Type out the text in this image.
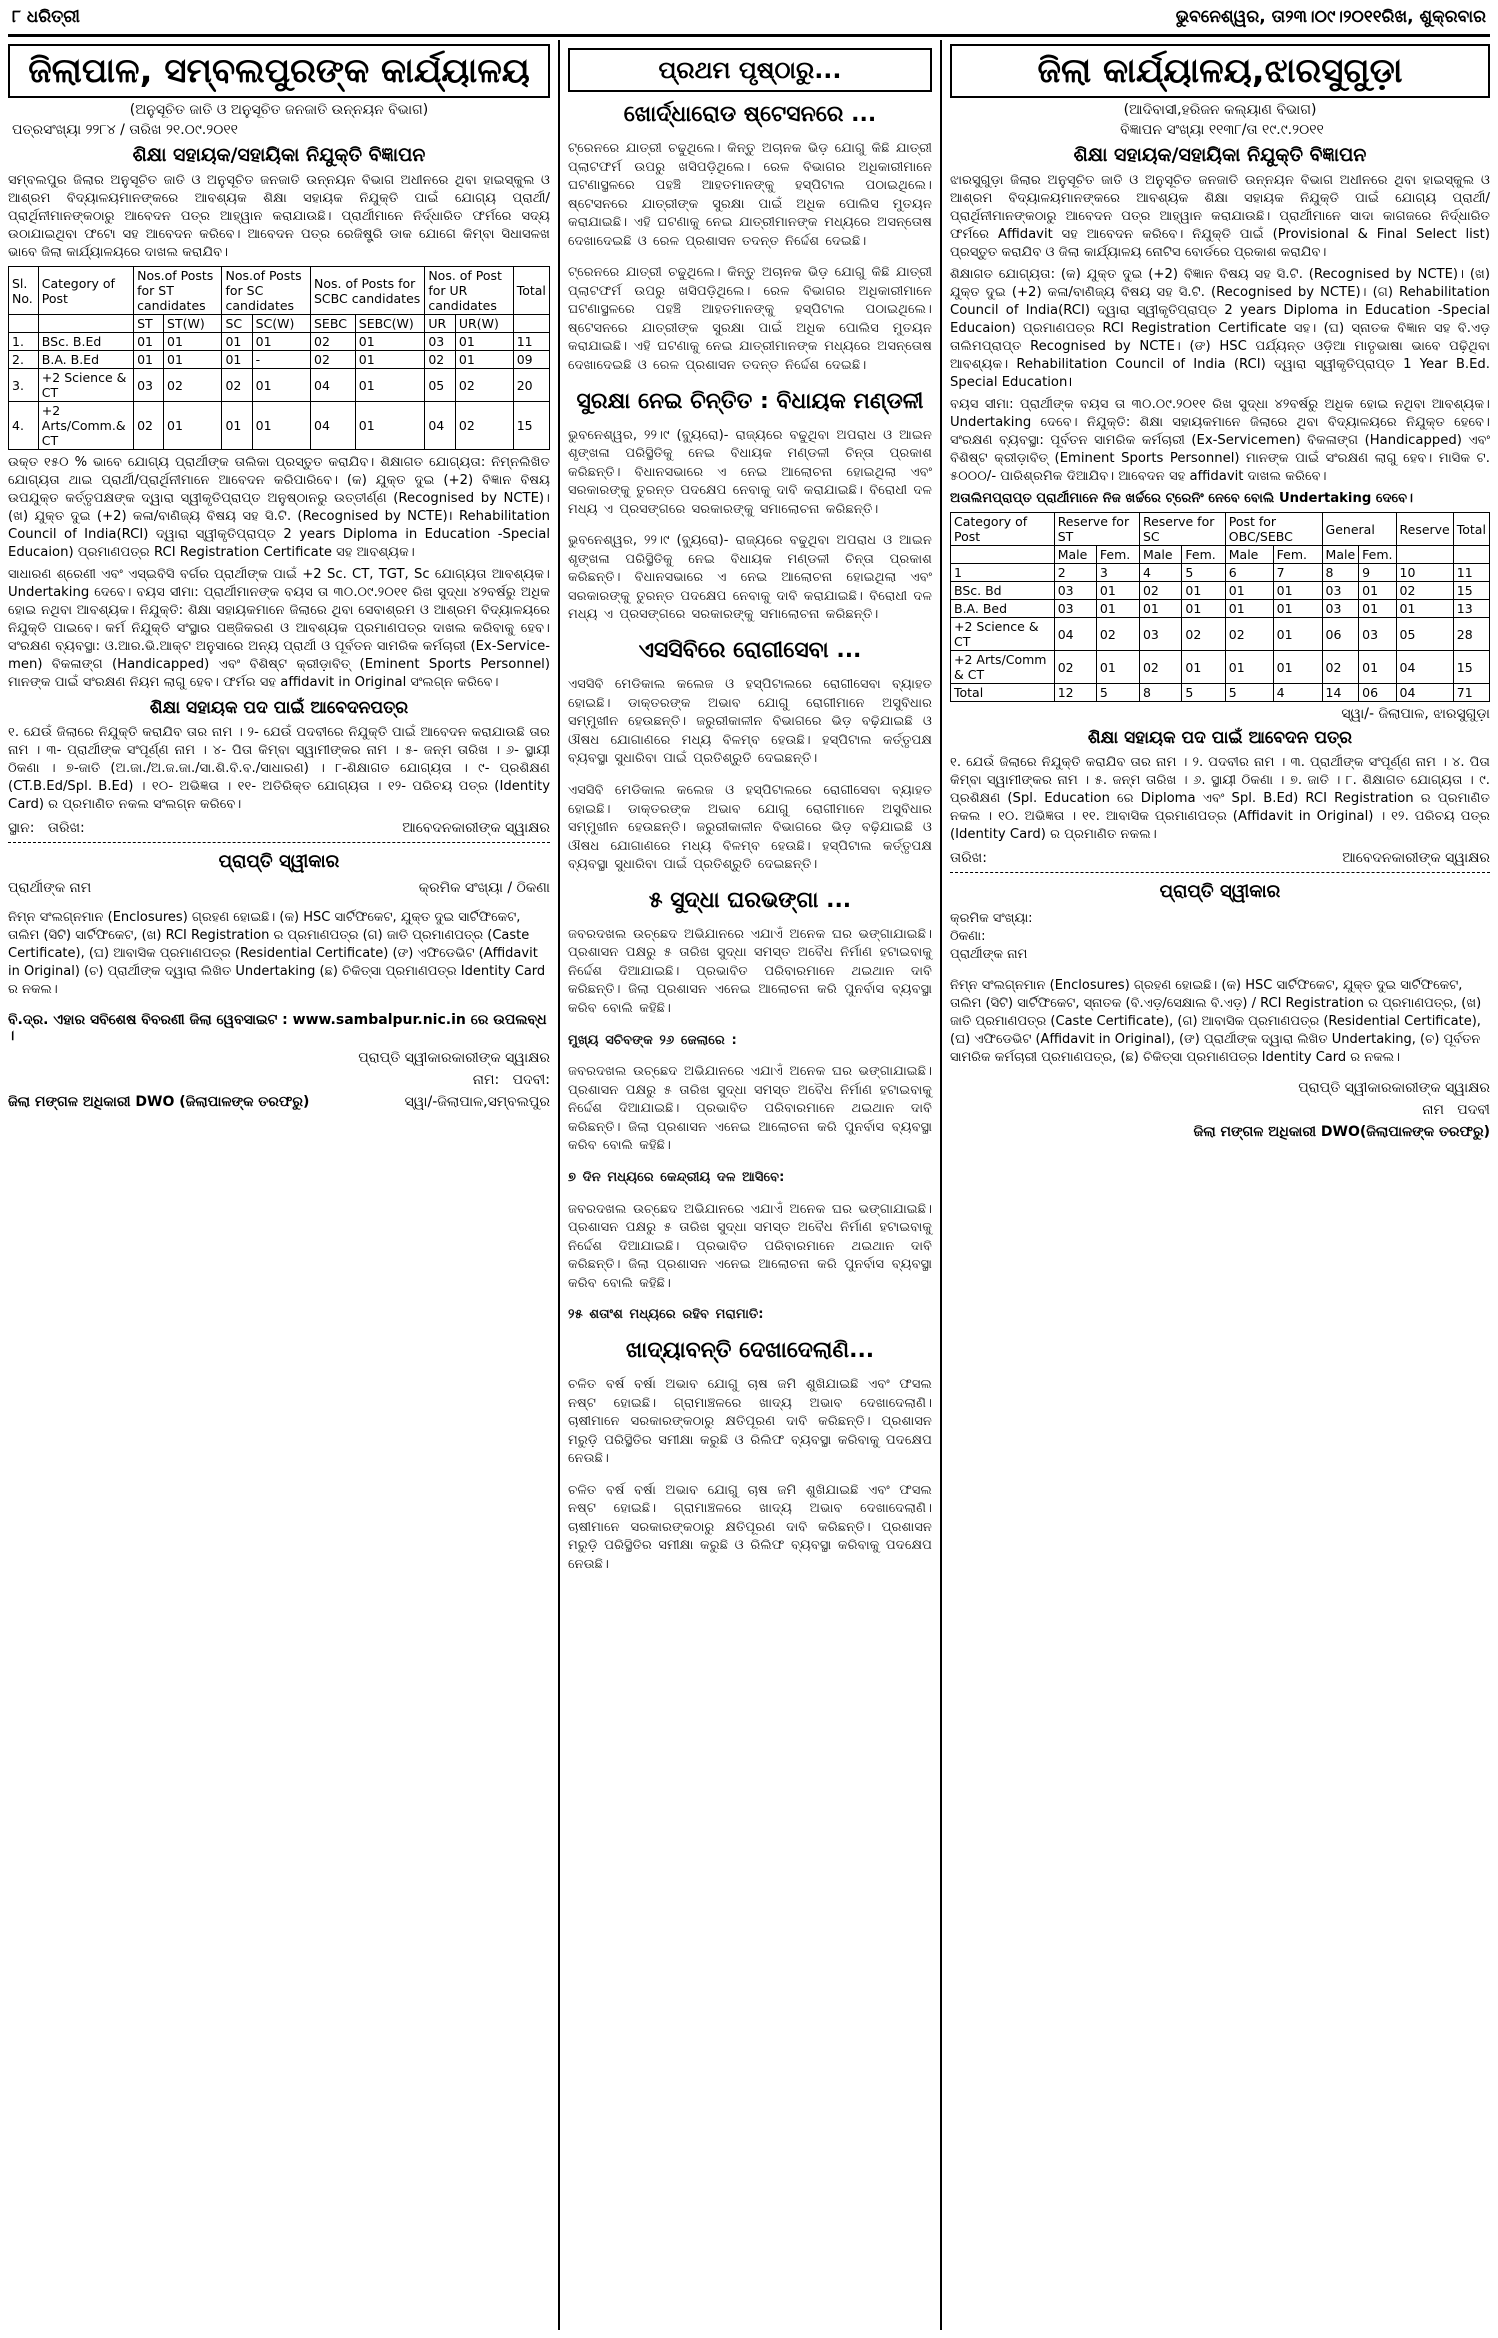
୮ ଧରିତ୍ରୀ	ଭୁବନେଶ୍ୱର, ତା୨୩।୦୯।୨୦୧୧ରିଖ, ଶୁକ୍ରବାର
ଜିଲାପାଳ, ସମ୍ବଲପୁରଙ୍କ କାର୍ଯ୍ୟାଳୟ
(ଅନୁସୂଚିତ ଜାତି ଓ ଅନୁସୂଚିତ ଜନଜାତି ଉନ୍ନୟନ ବିଭାଗ)
ପତ୍ରସଂଖ୍ୟା ୨୨୮୪ / ତାରିଖ ୨୧.୦୯.୨୦୧୧
ଶିକ୍ଷା ସହାୟକ/ସହାୟିକା ନିଯୁକ୍ତି ବିଜ୍ଞାପନ

ସମ୍ବଲପୁର ଜିଲାର ଅନୁସୂଚିତ ଜାତି ଓ ଅନୁସୂଚିତ ଜନଜାତି ଉନ୍ନୟନ ବିଭାଗ ଅଧୀନରେ ଥିବା ହାଇସ୍କୁଲ ଓ ଆଶ୍ରମ ବିଦ୍ୟାଳୟମାନଙ୍କରେ ଆବଶ୍ୟକ ଶିକ୍ଷା ସହାୟକ ନିଯୁକ୍ତି ପାଇଁ ଯୋଗ୍ୟ ପ୍ରାର୍ଥୀ/ପ୍ରାର୍ଥିନୀମାନଙ୍କଠାରୁ ଆବେଦନ ପତ୍ର ଆହ୍ୱାନ କରାଯାଉଛି। ପ୍ରାର୍ଥୀମାନେ ନିର୍ଦ୍ଧାରିତ ଫର୍ମରେ ସଦ୍ୟ ଉଠାଯାଇଥିବା ଫଟୋ ସହ ଆବେଦନ କରିବେ। ଆବେଦନ ପତ୍ର ରେଜିଷ୍ଟ୍ରି ଡାକ ଯୋଗେ କିମ୍ବା ସିଧାସଳଖ ଭାବେ ଜିଲା କାର୍ଯ୍ୟାଳୟରେ ଦାଖଲ କରାଯିବ।

Sl. No.	Category of Post	Nos.of Posts for ST candidates		Nos.of Posts for SC candidates		Nos. of Posts for SCBC candidates		Nos. of Post for UR candidates		Total
		ST	ST(W)	SC	SC(W)	SEBC	SEBC(W)	UR	UR(W)	
1.	BSc. B.Ed	01	01	01	01	02	01	03	01	11
2.	B.A. B.Ed	01	01	01	-	02	01	02	01	09
3.	+2 Science & CT	03	02	02	01	04	01	05	02	20
4.	+2 Arts/Comm.& CT	02	01	01	01	04	01	04	02	15

ଉକ୍ତ ୧୫୦ % ଭାବେ ଯୋଗ୍ୟ ପ୍ରାର୍ଥୀଙ୍କ ତାଲିକା ପ୍ରସ୍ତୁତ କରାଯିବ। ଶିକ୍ଷାଗତ ଯୋଗ୍ୟତା: ନିମ୍ନଲିଖିତ ଯୋଗ୍ୟତା ଥାଇ ପ୍ରାର୍ଥୀ/ପ୍ରାର୍ଥିନୀମାନେ ଆବେଦନ କରିପାରିବେ। (କ) ଯୁକ୍ତ ଦୁଇ (+2) ବିଜ୍ଞାନ ବିଷୟ ଉପଯୁକ୍ତ କର୍ତ୍ତୃପକ୍ଷଙ୍କ ଦ୍ୱାରା ସ୍ୱୀକୃତିପ୍ରାପ୍ତ ଅନୁଷ୍ଠାନରୁ ଉତ୍ତୀର୍ଣ୍ଣ (Recognised by NCTE)। (ଖ) ଯୁକ୍ତ ଦୁଇ (+2) କଳା/ବାଣିଜ୍ୟ ବିଷୟ ସହ ସି.ଟି. (Recognised by NCTE)। Rehabilitation Council of India(RCI) ଦ୍ୱାରା ସ୍ୱୀକୃତିପ୍ରାପ୍ତ 2 years Diploma in Education -Special Educaion) ପ୍ରମାଣପତ୍ର RCI Registration Certificate ସହ ଆବଶ୍ୟକ।

ସାଧାରଣ ଶ୍ରେଣୀ ଏବଂ ଏସ୍ଇବିସି ବର୍ଗର ପ୍ରାର୍ଥୀଙ୍କ ପାଇଁ +2 Sc. CT, TGT, Sc ଯୋଗ୍ୟତା ଆବଶ୍ୟକ। Undertaking ଦେବେ। ବୟସ ସୀମା: ପ୍ରାର୍ଥୀମାନଙ୍କ ବୟସ ତା ୩୦.୦୯.୨୦୧୧ ରିଖ ସୁଦ୍ଧା ୪୨ବର୍ଷରୁ ଅଧିକ ହୋଇ ନଥିବା ଆବଶ୍ୟକ। ନିଯୁକ୍ତି: ଶିକ୍ଷା ସହାୟକମାନେ ଜିଲାରେ ଥିବା ସେବାଶ୍ରମ ଓ ଆଶ୍ରମ ବିଦ୍ୟାଳୟରେ ନିଯୁକ୍ତି ପାଇବେ। କର୍ମ ନିଯୁକ୍ତି ସଂସ୍ଥାର ପଞ୍ଜିକରଣ ଓ ଆବଶ୍ୟକ ପ୍ରମାଣପତ୍ର ଦାଖଲ କରିବାକୁ ହେବ। ସଂରକ୍ଷଣ ବ୍ୟବସ୍ଥା: ଓ.ଆର.ଭି.ଆକ୍ଟ ଅନୁସାରେ ଅନ୍ୟ ପ୍ରାର୍ଥୀ ଓ ପୂର୍ବତନ ସାମରିକ କର୍ମଚାରୀ (Ex-Service-men) ବିକଳାଙ୍ଗ (Handicapped) ଏବଂ ବିଶିଷ୍ଟ କ୍ରୀଡ଼ାବିତ୍ (Eminent Sports Personnel) ମାନଙ୍କ ପାଇଁ ସଂରକ୍ଷଣ ନିୟମ ଲାଗୁ ହେବ। ଫର୍ମର ସହ affidavit in Original ସଂଲଗ୍ନ କରିବେ।

ଶିକ୍ଷା ସହାୟକ ପଦ ପାଇଁ ଆବେଦନପତ୍ର

୧. ଯେଉଁ ଜିଲାରେ ନିଯୁକ୍ତି କରାଯିବ ତାର ନାମ । ୨- ଯେଉଁ ପଦବୀରେ ନିଯୁକ୍ତି ପାଇଁ ଆବେଦନ କରାଯାଉଛି ତାର ନାମ । ୩- ପ୍ରାର୍ଥୀଙ୍କ ସଂପୂର୍ଣ୍ଣ ନାମ । ୪- ପିତା କିମ୍ବା ସ୍ୱାମୀଙ୍କର ନାମ । ୫- ଜନ୍ମ ତାରିଖ । ୬- ସ୍ଥାୟୀ ଠିକଣା । ୭-ଜାତି (ଅ.ଜା./ଅ.ଜ.ଜା./ସା.ଶି.ବି.ବ./ସାଧାରଣ) । ୮-ଶିକ୍ଷାଗତ ଯୋଗ୍ୟତା । ୯- ପ୍ରଶିକ୍ଷଣ (CT.B.Ed/Spl. B.Ed) । ୧୦- ଅଭିଜ୍ଞତା । ୧୧- ଅତିରିକ୍ତ ଯୋଗ୍ୟତା । ୧୨- ପରିଚୟ ପତ୍ର (Identity Card) ର ପ୍ରମାଣିତ ନକଲ ସଂଲଗ୍ନ କରିବେ।

ସ୍ଥାନ: ତାରିଖ:	ଆବେଦନକାରୀଙ୍କ ସ୍ୱାକ୍ଷର
ପ୍ରାପ୍ତି ସ୍ୱୀକାର
ପ୍ରାର୍ଥୀଙ୍କ ନାମ	କ୍ରମିକ ସଂଖ୍ୟା / ଠିକଣା

ନିମ୍ନ ସଂଲଗ୍ନମାନ (Enclosures) ଗ୍ରହଣ ହୋଇଛି। (କ) HSC ସାର୍ଟିଫିକେଟ, ଯୁକ୍ତ ଦୁଇ ସାର୍ଟିଫିକେଟ, ତାଲିମ (ସିଟି) ସାର୍ଟିଫିକେଟ, (ଖ) RCI Registration ର ପ୍ରମାଣପତ୍ର (ଗ) ଜାତି ପ୍ରମାଣପତ୍ର (Caste Certificate), (ଘ) ଆବାସିକ ପ୍ରମାଣପତ୍ର (Residential Certificate) (ଙ) ଏଫିଡେଭିଟ (Affidavit in Original) (ଚ) ପ୍ରାର୍ଥୀଙ୍କ ଦ୍ୱାରା ଲିଖିତ Undertaking (ଛ) ଚିକିତ୍ସା ପ୍ରମାଣପତ୍ର Identity Card ର ନକଲ।

ବି.ଦ୍ର. ଏହାର ସବିଶେଷ ବିବରଣୀ ଜିଲା ୱେବସାଇଟ : www.sambalpur.nic.in ରେ ଉପଲବ୍ଧ ।
ପ୍ରାପ୍ତି ସ୍ୱୀକାରକାରୀଙ୍କ ସ୍ୱାକ୍ଷର
ନାମ: ପଦବୀ:
ଜିଲା ମଙ୍ଗଳ ଅଧିକାରୀ DWO (ଜିଲାପାଳଙ୍କ ତରଫରୁ)	ସ୍ୱା/-ଜିଲାପାଳ,ସମ୍ବଲପୁର
ପ୍ରଥମ ପୃଷ୍ଠାରୁ...
ଖୋର୍ଦ୍ଧାରୋଡ ଷ୍ଟେସନରେ ...

ଟ୍ରେନରେ ଯାତ୍ରୀ ଚଢୁଥିଲେ। କିନ୍ତୁ ଅଚାନକ ଭିଡ଼ ଯୋଗୁ କିଛି ଯାତ୍ରୀ ପ୍ଲାଟଫର୍ମ ଉପରୁ ଖସିପଡ଼ିଥିଲେ। ରେଳ ବିଭାଗର ଅଧିକାରୀମାନେ ଘଟଣାସ୍ଥଳରେ ପହଞ୍ଚି ଆହତମାନଙ୍କୁ ହସ୍ପିଟାଲ ପଠାଇଥିଲେ। ଷ୍ଟେସନରେ ଯାତ୍ରୀଙ୍କ ସୁରକ୍ଷା ପାଇଁ ଅଧିକ ପୋଲିସ ମୁତୟନ କରାଯାଇଛି। ଏହି ଘଟଣାକୁ ନେଇ ଯାତ୍ରୀମାନଙ୍କ ମଧ୍ୟରେ ଅସନ୍ତୋଷ ଦେଖାଦେଇଛି ଓ ରେଳ ପ୍ରଶାସନ ତଦନ୍ତ ନିର୍ଦ୍ଦେଶ ଦେଇଛି।

ଟ୍ରେନରେ ଯାତ୍ରୀ ଚଢୁଥିଲେ। କିନ୍ତୁ ଅଚାନକ ଭିଡ଼ ଯୋଗୁ କିଛି ଯାତ୍ରୀ ପ୍ଲାଟଫର୍ମ ଉପରୁ ଖସିପଡ଼ିଥିଲେ। ରେଳ ବିଭାଗର ଅଧିକାରୀମାନେ ଘଟଣାସ୍ଥଳରେ ପହଞ୍ଚି ଆହତମାନଙ୍କୁ ହସ୍ପିଟାଲ ପଠାଇଥିଲେ। ଷ୍ଟେସନରେ ଯାତ୍ରୀଙ୍କ ସୁରକ୍ଷା ପାଇଁ ଅଧିକ ପୋଲିସ ମୁତୟନ କରାଯାଇଛି। ଏହି ଘଟଣାକୁ ନେଇ ଯାତ୍ରୀମାନଙ୍କ ମଧ୍ୟରେ ଅସନ୍ତୋଷ ଦେଖାଦେଇଛି ଓ ରେଳ ପ୍ରଶାସନ ତଦନ୍ତ ନିର୍ଦ୍ଦେଶ ଦେଇଛି।

ସୁରକ୍ଷା ନେଇ ଚିନ୍ତିତ : ବିଧାୟକ ମଣ୍ଡଳୀ

ଭୁବନେଶ୍ୱର, ୨୨।୯ (ବ୍ୟୁରୋ)- ରାଜ୍ୟରେ ବଢୁଥିବା ଅପରାଧ ଓ ଆଇନ ଶୃଙ୍ଖଳା ପରିସ୍ଥିତିକୁ ନେଇ ବିଧାୟକ ମଣ୍ଡଳୀ ଚିନ୍ତା ପ୍ରକାଶ କରିଛନ୍ତି। ବିଧାନସଭାରେ ଏ ନେଇ ଆଲୋଚନା ହୋଇଥିଲା ଏବଂ ସରକାରଙ୍କୁ ତୁରନ୍ତ ପଦକ୍ଷେପ ନେବାକୁ ଦାବି କରାଯାଇଛି। ବିରୋଧୀ ଦଳ ମଧ୍ୟ ଏ ପ୍ରସଙ୍ଗରେ ସରକାରଙ୍କୁ ସମାଲୋଚନା କରିଛନ୍ତି।

ଭୁବନେଶ୍ୱର, ୨୨।୯ (ବ୍ୟୁରୋ)- ରାଜ୍ୟରେ ବଢୁଥିବା ଅପରାଧ ଓ ଆଇନ ଶୃଙ୍ଖଳା ପରିସ୍ଥିତିକୁ ନେଇ ବିଧାୟକ ମଣ୍ଡଳୀ ଚିନ୍ତା ପ୍ରକାଶ କରିଛନ୍ତି। ବିଧାନସଭାରେ ଏ ନେଇ ଆଲୋଚନା ହୋଇଥିଲା ଏବଂ ସରକାରଙ୍କୁ ତୁରନ୍ତ ପଦକ୍ଷେପ ନେବାକୁ ଦାବି କରାଯାଇଛି। ବିରୋଧୀ ଦଳ ମଧ୍ୟ ଏ ପ୍ରସଙ୍ଗରେ ସରକାରଙ୍କୁ ସମାଲୋଚନା କରିଛନ୍ତି।

ଏସସିବିରେ ରୋଗୀସେବା ...

ଏସସିବି ମେଡିକାଲ କଲେଜ ଓ ହସ୍ପିଟାଲରେ ରୋଗୀସେବା ବ୍ୟାହତ ହୋଇଛି। ଡାକ୍ତରଙ୍କ ଅଭାବ ଯୋଗୁ ରୋଗୀମାନେ ଅସୁବିଧାର ସମ୍ମୁଖୀନ ହେଉଛନ୍ତି। ଜରୁରୀକାଳୀନ ବିଭାଗରେ ଭିଡ଼ ବଢ଼ିଯାଇଛି ଓ ଔଷଧ ଯୋଗାଣରେ ମଧ୍ୟ ବିଳମ୍ବ ହେଉଛି। ହସ୍ପିଟାଲ କର୍ତ୍ତୃପକ୍ଷ ବ୍ୟବସ୍ଥା ସୁଧାରିବା ପାଇଁ ପ୍ରତିଶ୍ରୁତି ଦେଇଛନ୍ତି।

ଏସସିବି ମେଡିକାଲ କଲେଜ ଓ ହସ୍ପିଟାଲରେ ରୋଗୀସେବା ବ୍ୟାହତ ହୋଇଛି। ଡାକ୍ତରଙ୍କ ଅଭାବ ଯୋଗୁ ରୋଗୀମାନେ ଅସୁବିଧାର ସମ୍ମୁଖୀନ ହେଉଛନ୍ତି। ଜରୁରୀକାଳୀନ ବିଭାଗରେ ଭିଡ଼ ବଢ଼ିଯାଇଛି ଓ ଔଷଧ ଯୋଗାଣରେ ମଧ୍ୟ ବିଳମ୍ବ ହେଉଛି। ହସ୍ପିଟାଲ କର୍ତ୍ତୃପକ୍ଷ ବ୍ୟବସ୍ଥା ସୁଧାରିବା ପାଇଁ ପ୍ରତିଶ୍ରୁତି ଦେଇଛନ୍ତି।

୫ ସୁଦ୍ଧା ଘରଭଙ୍ଗା ...

ଜବରଦଖଲ ଉଚ୍ଛେଦ ଅଭିଯାନରେ ଏଯାଏଁ ଅନେକ ଘର ଭଙ୍ଗାଯାଇଛି। ପ୍ରଶାସନ ପକ୍ଷରୁ ୫ ତାରିଖ ସୁଦ୍ଧା ସମସ୍ତ ଅବୈଧ ନିର୍ମାଣ ହଟାଇବାକୁ ନିର୍ଦ୍ଦେଶ ଦିଆଯାଇଛି। ପ୍ରଭାବିତ ପରିବାରମାନେ ଥଇଥାନ ଦାବି କରିଛନ୍ତି। ଜିଲା ପ୍ରଶାସନ ଏନେଇ ଆଲୋଚନା କରି ପୁନର୍ବାସ ବ୍ୟବସ୍ଥା କରିବ ବୋଲି କହିଛି।

ମୁଖ୍ୟ ସଚିବଙ୍କ ୨୬ ଜେଲାରେ :

ଜବରଦଖଲ ଉଚ୍ଛେଦ ଅଭିଯାନରେ ଏଯାଏଁ ଅନେକ ଘର ଭଙ୍ଗାଯାଇଛି। ପ୍ରଶାସନ ପକ୍ଷରୁ ୫ ତାରିଖ ସୁଦ୍ଧା ସମସ୍ତ ଅବୈଧ ନିର୍ମାଣ ହଟାଇବାକୁ ନିର୍ଦ୍ଦେଶ ଦିଆଯାଇଛି। ପ୍ରଭାବିତ ପରିବାରମାନେ ଥଇଥାନ ଦାବି କରିଛନ୍ତି। ଜିଲା ପ୍ରଶାସନ ଏନେଇ ଆଲୋଚନା କରି ପୁନର୍ବାସ ବ୍ୟବସ୍ଥା କରିବ ବୋଲି କହିଛି।

୭ ଦିନ ମଧ୍ୟରେ କେନ୍ଦ୍ରୀୟ ଦଳ ଆସିବେ:

ଜବରଦଖଲ ଉଚ୍ଛେଦ ଅଭିଯାନରେ ଏଯାଏଁ ଅନେକ ଘର ଭଙ୍ଗାଯାଇଛି। ପ୍ରଶାସନ ପକ୍ଷରୁ ୫ ତାରିଖ ସୁଦ୍ଧା ସମସ୍ତ ଅବୈଧ ନିର୍ମାଣ ହଟାଇବାକୁ ନିର୍ଦ୍ଦେଶ ଦିଆଯାଇଛି। ପ୍ରଭାବିତ ପରିବାରମାନେ ଥଇଥାନ ଦାବି କରିଛନ୍ତି। ଜିଲା ପ୍ରଶାସନ ଏନେଇ ଆଲୋଚନା କରି ପୁନର୍ବାସ ବ୍ୟବସ୍ଥା କରିବ ବୋଲି କହିଛି।

୨୫ ଶତାଂଶ ମଧ୍ୟରେ ରହିବ ମରାମାତି:

ଖାଦ୍ୟାବନ୍ତି ଦେଖାଦେଲାଣି...

ଚଳିତ ବର୍ଷ ବର୍ଷା ଅଭାବ ଯୋଗୁ ଚାଷ ଜମି ଶୁଖିଯାଇଛି ଏବଂ ଫସଲ ନଷ୍ଟ ହୋଇଛି। ଗ୍ରାମାଞ୍ଚଳରେ ଖାଦ୍ୟ ଅଭାବ ଦେଖାଦେଲାଣି। ଚାଷୀମାନେ ସରକାରଙ୍କଠାରୁ କ୍ଷତିପୂରଣ ଦାବି କରିଛନ୍ତି। ପ୍ରଶାସନ ମରୁଡ଼ି ପରିସ୍ଥିତିର ସମୀକ୍ଷା କରୁଛି ଓ ରିଲିଫ ବ୍ୟବସ୍ଥା କରିବାକୁ ପଦକ୍ଷେପ ନେଉଛି।

ଚଳିତ ବର୍ଷ ବର୍ଷା ଅଭାବ ଯୋଗୁ ଚାଷ ଜମି ଶୁଖିଯାଇଛି ଏବଂ ଫସଲ ନଷ୍ଟ ହୋଇଛି। ଗ୍ରାମାଞ୍ଚଳରେ ଖାଦ୍ୟ ଅଭାବ ଦେଖାଦେଲାଣି। ଚାଷୀମାନେ ସରକାରଙ୍କଠାରୁ କ୍ଷତିପୂରଣ ଦାବି କରିଛନ୍ତି। ପ୍ରଶାସନ ମରୁଡ଼ି ପରିସ୍ଥିତିର ସମୀକ୍ଷା କରୁଛି ଓ ରିଲିଫ ବ୍ୟବସ୍ଥା କରିବାକୁ ପଦକ୍ଷେପ ନେଉଛି।

ଜିଲା କାର୍ଯ୍ୟାଳୟ,ଝାରସୁଗୁଡ଼ା
(ଆଦିବାସୀ,ହରିଜନ କଲ୍ୟାଣ ବିଭାଗ)
ବିଜ୍ଞାପନ ସଂଖ୍ୟା ୧୧୩୮/ତା ୧୯.୯.୨୦୧୧
ଶିକ୍ଷା ସହାୟକ/ସହାୟିକା ନିଯୁକ୍ତି ବିଜ୍ଞାପନ

ଝାରସୁଗୁଡ଼ା ଜିଲାର ଅନୁସୂଚିତ ଜାତି ଓ ଅନୁସୂଚିତ ଜନଜାତି ଉନ୍ନୟନ ବିଭାଗ ଅଧୀନରେ ଥିବା ହାଇସ୍କୁଲ ଓ ଆଶ୍ରମ ବିଦ୍ୟାଳୟମାନଙ୍କରେ ଆବଶ୍ୟକ ଶିକ୍ଷା ସହାୟକ ନିଯୁକ୍ତି ପାଇଁ ଯୋଗ୍ୟ ପ୍ରାର୍ଥୀ/ପ୍ରାର୍ଥିନୀମାନଙ୍କଠାରୁ ଆବେଦନ ପତ୍ର ଆହ୍ୱାନ କରାଯାଉଛି। ପ୍ରାର୍ଥୀମାନେ ସାଦା କାଗଜରେ ନିର୍ଦ୍ଧାରିତ ଫର୍ମରେ Affidavit ସହ ଆବେଦନ କରିବେ। ନିଯୁକ୍ତି ପାଇଁ (Provisional & Final Select list) ପ୍ରସ୍ତୁତ କରାଯିବ ଓ ଜିଲା କାର୍ଯ୍ୟାଳୟ ନୋଟିସ ବୋର୍ଡରେ ପ୍ରକାଶ କରାଯିବ।

ଶିକ୍ଷାଗତ ଯୋଗ୍ୟତା: (କ) ଯୁକ୍ତ ଦୁଇ (+2) ବିଜ୍ଞାନ ବିଷୟ ସହ ସି.ଟି. (Recognised by NCTE)। (ଖ) ଯୁକ୍ତ ଦୁଇ (+2) କଳା/ବାଣିଜ୍ୟ ବିଷୟ ସହ ସି.ଟି. (Recognised by NCTE)। (ଗ) Rehabilitation Council of India(RCI) ଦ୍ୱାରା ସ୍ୱୀକୃତିପ୍ରାପ୍ତ 2 years Diploma in Education -Special Educaion) ପ୍ରମାଣପତ୍ର RCI Registration Certificate ସହ। (ଘ) ସ୍ନାତକ ବିଜ୍ଞାନ ସହ ବି.ଏଡ଼ ତାଲିମପ୍ରାପ୍ତ Recognised by NCTE। (ଙ) HSC ପର୍ଯ୍ୟନ୍ତ ଓଡ଼ିଆ ମାତୃଭାଷା ଭାବେ ପଢ଼ିଥିବା ଆବଶ୍ୟକ। Rehabilitation Council of India (RCI) ଦ୍ୱାରା ସ୍ୱୀକୃତିପ୍ରାପ୍ତ 1 Year B.Ed. Special Education।

ବୟସ ସୀମା: ପ୍ରାର୍ଥୀଙ୍କ ବୟସ ତା ୩୦.୦୯.୨୦୧୧ ରିଖ ସୁଦ୍ଧା ୪୨ବର୍ଷରୁ ଅଧିକ ହୋଇ ନଥିବା ଆବଶ୍ୟକ। Undertaking ଦେବେ। ନିଯୁକ୍ତି: ଶିକ୍ଷା ସହାୟକମାନେ ଜିଲାରେ ଥିବା ବିଦ୍ୟାଳୟରେ ନିଯୁକ୍ତ ହେବେ। ସଂରକ୍ଷଣ ବ୍ୟବସ୍ଥା: ପୂର୍ବତନ ସାମରିକ କର୍ମଚାରୀ (Ex-Servicemen) ବିକଳାଙ୍ଗ (Handicapped) ଏବଂ ବିଶିଷ୍ଟ କ୍ରୀଡ଼ାବିତ୍ (Eminent Sports Personnel) ମାନଙ୍କ ପାଇଁ ସଂରକ୍ଷଣ ଲାଗୁ ହେବ। ମାସିକ ଟ. ୫୦୦୦/- ପାରିଶ୍ରମିକ ଦିଆଯିବ। ଆବେଦନ ସହ affidavit ଦାଖଲ କରିବେ।

ଅତାଲିମପ୍ରାପ୍ତ ପ୍ରାର୍ଥୀମାନେ ନିଜ ଖର୍ଚ୍ଚରେ ଟ୍ରେନିଂ ନେବେ ବୋଲି Undertaking ଦେବେ।

Category of Post	Reserve for ST		Reserve for SC		Post for OBC/SEBC		General		Reserve	Total
	Male	Fem.	Male	Fem.	Male	Fem.	Male	Fem.		
1	2	3	4	5	6	7	8	9	10	11
BSc. Bd	03	01	02	01	01	01	03	01	02	15
B.A. Bed	03	01	01	01	01	01	03	01	01	13
+2 Science & CT	04	02	03	02	02	01	06	03	05	28
+2 Arts/Comm & CT	02	01	02	01	01	01	02	01	04	15
Total	12	5	8	5	5	4	14	06	04	71
ସ୍ୱା/- ଜିଲାପାଳ, ଝାରସୁଗୁଡ଼ା
ଶିକ୍ଷା ସହାୟକ ପଦ ପାଇଁ ଆବେଦନ ପତ୍ର

୧. ଯେଉଁ ଜିଲାରେ ନିଯୁକ୍ତି କରାଯିବ ତାର ନାମ । ୨. ପଦବୀର ନାମ । ୩. ପ୍ରାର୍ଥୀଙ୍କ ସଂପୂର୍ଣ୍ଣ ନାମ । ୪. ପିତା କିମ୍ବା ସ୍ୱାମୀଙ୍କର ନାମ । ୫. ଜନ୍ମ ତାରିଖ । ୬. ସ୍ଥାୟୀ ଠିକଣା । ୭. ଜାତି । ୮. ଶିକ୍ଷାଗତ ଯୋଗ୍ୟତା । ୯. ପ୍ରଶିକ୍ଷଣ (Spl. Education ରେ Diploma ଏବଂ Spl. B.Ed) RCI Registration ର ପ୍ରମାଣିତ ନକଲ । ୧୦. ଅଭିଜ୍ଞତା । ୧୧. ଆବାସିକ ପ୍ରମାଣପତ୍ର (Affidavit in Original) । ୧୨. ପରିଚୟ ପତ୍ର (Identity Card) ର ପ୍ରମାଣିତ ନକଲ।

ତାରିଖ:	ଆବେଦନକାରୀଙ୍କ ସ୍ୱାକ୍ଷର
ପ୍ରାପ୍ତି ସ୍ୱୀକାର
କ୍ରମିକ ସଂଖ୍ୟା:
ଠିକଣା:
ପ୍ରାର୍ଥୀଙ୍କ ନାମ

ନିମ୍ନ ସଂଲଗ୍ନମାନ (Enclosures) ଗ୍ରହଣ ହୋଇଛି। (କ) HSC ସାର୍ଟିଫିକେଟ, ଯୁକ୍ତ ଦୁଇ ସାର୍ଟିଫିକେଟ, ତାଲିମ (ସିଟି) ସାର୍ଟିଫିକେଟ, ସ୍ନାତକ (ବି.ଏଡ଼/ସେକ୍ଷାଲ ବି.ଏଡ଼) / RCI Registration ର ପ୍ରମାଣପତ୍ର, (ଖ) ଜାତି ପ୍ରମାଣପତ୍ର (Caste Certificate), (ଗ) ଆବାସିକ ପ୍ରମାଣପତ୍ର (Residential Certificate), (ଘ) ଏଫିଡେଭିଟ (Affidavit in Original), (ଙ) ପ୍ରାର୍ଥୀଙ୍କ ଦ୍ୱାରା ଲିଖିତ Undertaking, (ଚ) ପୂର୍ବତନ ସାମରିକ କର୍ମଚାରୀ ପ୍ରମାଣପତ୍ର, (ଛ) ଚିକିତ୍ସା ପ୍ରମାଣପତ୍ର Identity Card ର ନକଲ।

ପ୍ରାପ୍ତି ସ୍ୱୀକାରକାରୀଙ୍କ ସ୍ୱାକ୍ଷର
ନାମ ପଦବୀ
ଜିଲା ମଙ୍ଗଳ ଅଧିକାରୀ DWO(ଜିଲାପାଳଙ୍କ ତରଫରୁ)
